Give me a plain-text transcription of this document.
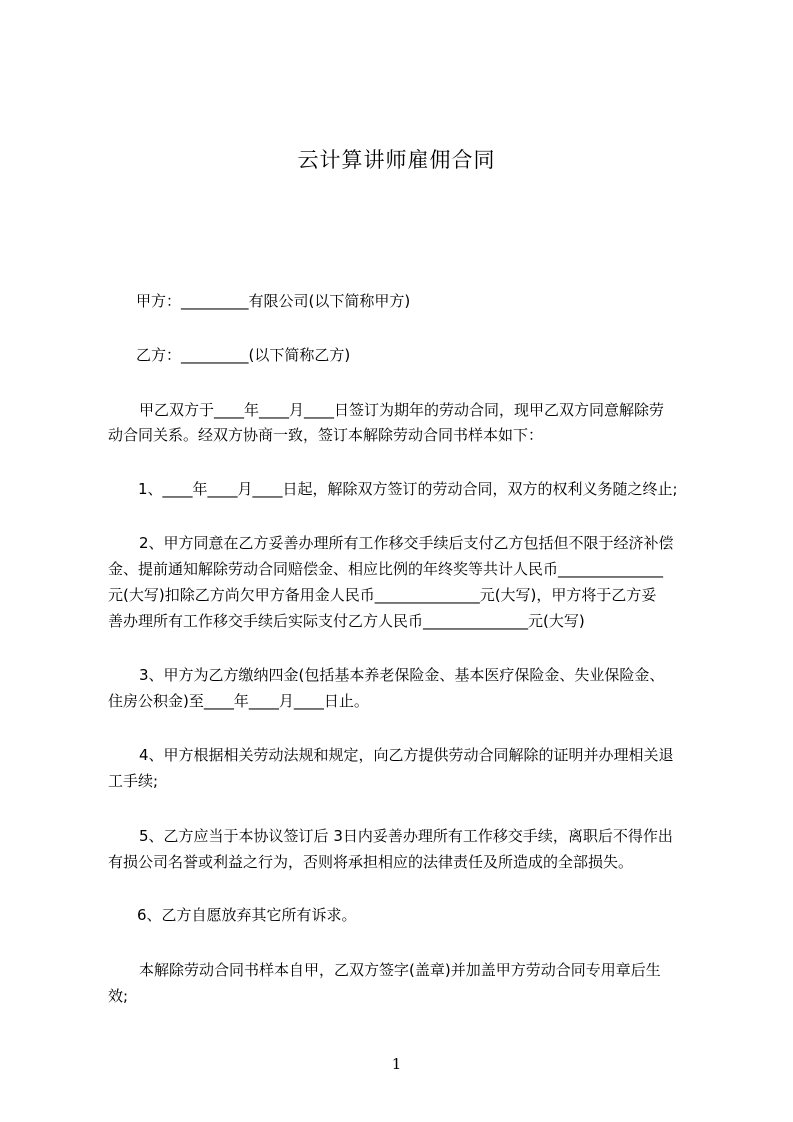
云计算讲师雇佣合同
甲方：_________有限公司(以下简称甲方)
乙方：_________(以下简称乙方)
甲乙双方于____年____月____日签订为期年的劳动合同，现甲乙双方同意解除劳
动合同关系。经双方协商一致，签订本解除劳动合同书样本如下：
1、____年____月____日起，解除双方签订的劳动合同，双方的权利义务随之终止;
2、甲方同意在乙方妥善办理所有工作移交手续后支付乙方包括但不限于经济补偿
金、提前通知解除劳动合同赔偿金、相应比例的年终奖等共计人民币______________
元(大写)扣除乙方尚欠甲方备用金人民币______________元(大写)，甲方将于乙方妥
善办理所有工作移交手续后实际支付乙方人民币______________元(大写)
3、甲方为乙方缴纳四金(包括基本养老保险金、基本医疗保险金、失业保险金、
住房公积金)至____年____月____日止。
4、甲方根据相关劳动法规和规定，向乙方提供劳动合同解除的证明并办理相关退
工手续;
5、乙方应当于本协议签订后 3日内妥善办理所有工作移交手续，离职后不得作出
有损公司名誉或利益之行为，否则将承担相应的法律责任及所造成的全部损失。
6、乙方自愿放弃其它所有诉求。
本解除劳动合同书样本自甲，乙双方签字(盖章)并加盖甲方劳动合同专用章后生
效;
1
